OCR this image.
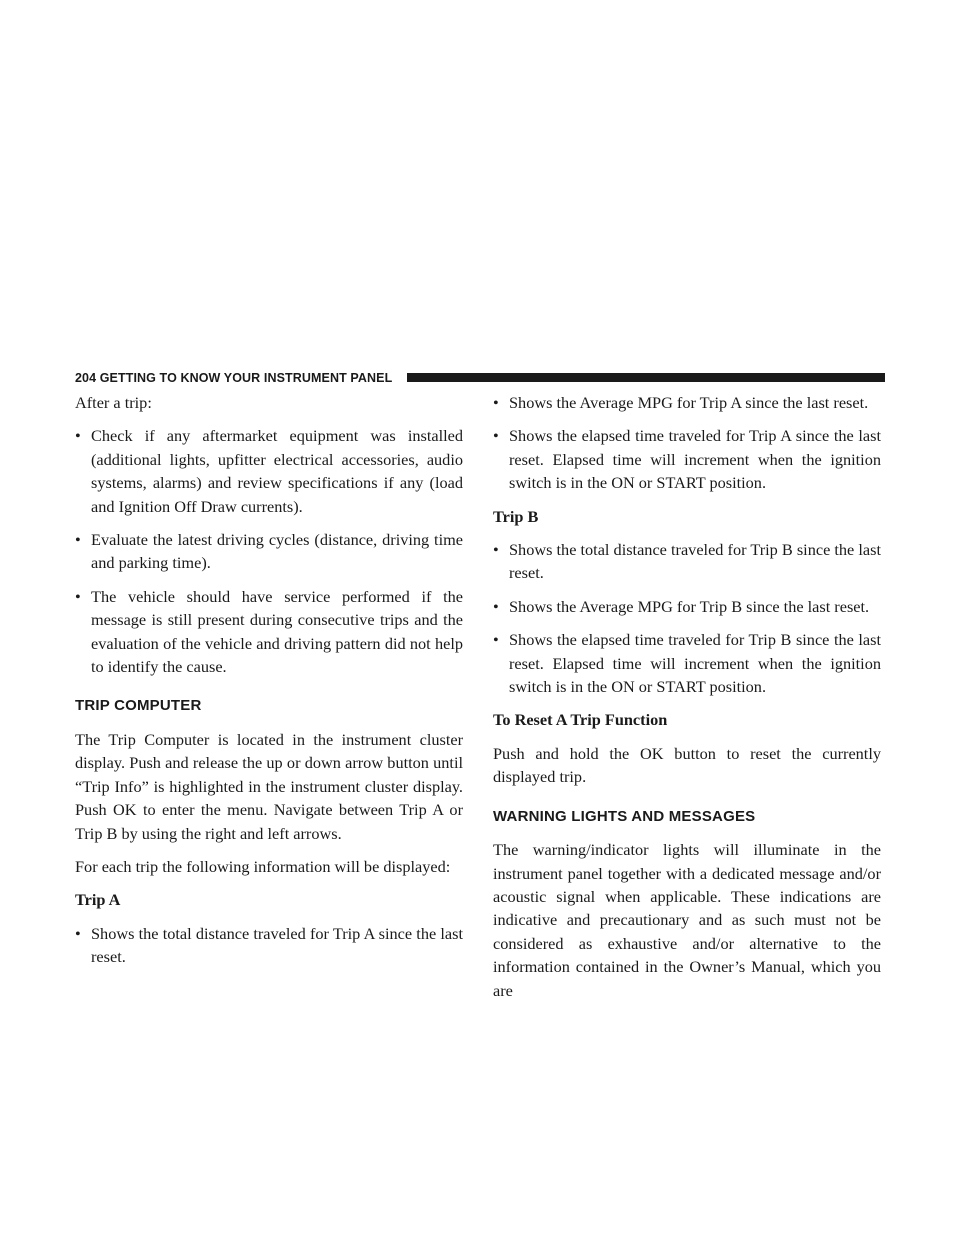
204 GETTING TO KNOW YOUR INSTRUMENT PANEL

After a trip:

• Check if any aftermarket equipment was installed (additional lights, upfitter electrical accessories, audio systems, alarms) and review specifications if any (load and Ignition Off Draw currents).
• Evaluate the latest driving cycles (distance, driving time and parking time).
• The vehicle should have service performed if the message is still present during consecutive trips and the evaluation of the vehicle and driving pattern did not help to identify the cause.
TRIP COMPUTER

The Trip Computer is located in the instrument cluster display. Push and release the up or down arrow button until “Trip Info” is highlighted in the instrument cluster display. Push OK to enter the menu. Navigate between Trip A or Trip B by using the right and left arrows.

For each trip the following information will be displayed:

Trip A

• Shows the total distance traveled for Trip A since the last reset.
• Shows the Average MPG for Trip A since the last reset.
• Shows the elapsed time traveled for Trip A since the last reset. Elapsed time will increment when the ignition switch is in the ON or START position.

Trip B

• Shows the total distance traveled for Trip B since the last reset.
• Shows the Average MPG for Trip B since the last reset.
• Shows the elapsed time traveled for Trip B since the last reset. Elapsed time will increment when the ignition switch is in the ON or START position.

To Reset A Trip Function

Push and hold the OK button to reset the currently displayed trip.

WARNING LIGHTS AND MESSAGES

The warning/indicator lights will illuminate in the instrument panel together with a dedicated message and/or acoustic signal when applicable. These indications are indicative and precautionary and as such must not be considered as exhaustive and/or alternative to the information contained in the Owner’s Manual, which you are
